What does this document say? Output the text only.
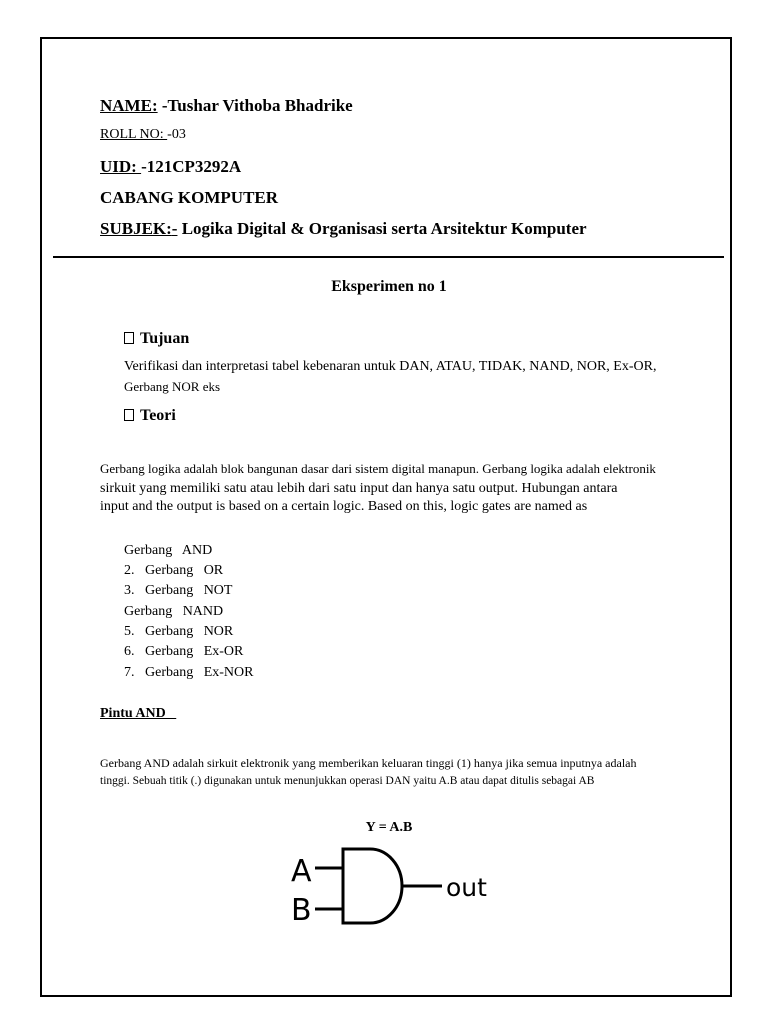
NAME: -Tushar Vithoba Bhadrike
ROLL NO: -03
UID: -121CP3292A
CABANG KOMPUTER
SUBJEK:- Logika Digital & Organisasi serta Arsitektur Komputer
Eksperimen no 1
Tujuan
Verifikasi dan interpretasi tabel kebenaran untuk DAN, ATAU, TIDAK, NAND, NOR, Ex-OR,
Gerbang NOR eks
Teori
Gerbang logika adalah blok bangunan dasar dari sistem digital manapun. Gerbang logika adalah elektronik
sirkuit yang memiliki satu atau lebih dari satu input dan hanya satu output. Hubungan antara
input and the output is based on a certain logic. Based on this, logic gates are named as
Gerbang   AND
2. Gerbang   OR
3. Gerbang   NOT
Gerbang   NAND
5. Gerbang   NOR
6. Gerbang   Ex-OR
7. Gerbang   Ex-NOR
Pintu AND
Gerbang AND adalah sirkuit elektronik yang memberikan keluaran tinggi (1) hanya jika semua inputnya adalah
tinggi. Sebuah titik (.) digunakan untuk menunjukkan operasi DAN yaitu A.B atau dapat ditulis sebagai AB
Y = A.B
A
B
out
